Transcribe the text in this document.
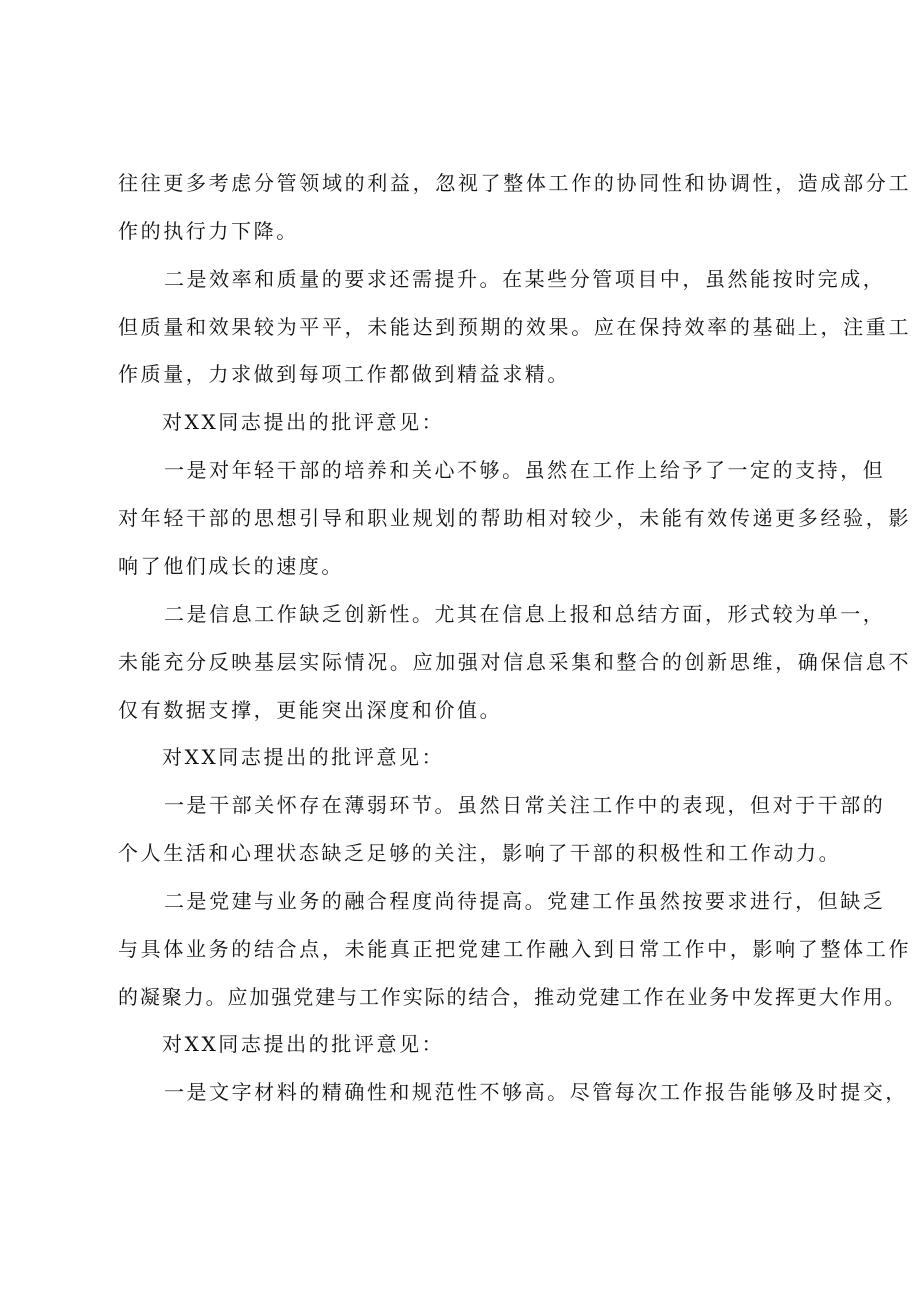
往往更多考虑分管领域的利益，忽视了整体工作的协同性和协调性，造成部分工
作的执行力下降。
二是效率和质量的要求还需提升。在某些分管项目中，虽然能按时完成，
但质量和效果较为平平，未能达到预期的效果。应在保持效率的基础上，注重工
作质量，力求做到每项工作都做到精益求精。
对XX同志提出的批评意见：
一是对年轻干部的培养和关心不够。虽然在工作上给予了一定的支持，但
对年轻干部的思想引导和职业规划的帮助相对较少，未能有效传递更多经验，影
响了他们成长的速度。
二是信息工作缺乏创新性。尤其在信息上报和总结方面，形式较为单一，
未能充分反映基层实际情况。应加强对信息采集和整合的创新思维，确保信息不
仅有数据支撑，更能突出深度和价值。
对XX同志提出的批评意见：
一是干部关怀存在薄弱环节。虽然日常关注工作中的表现，但对于干部的
个人生活和心理状态缺乏足够的关注，影响了干部的积极性和工作动力。
二是党建与业务的融合程度尚待提高。党建工作虽然按要求进行，但缺乏
与具体业务的结合点，未能真正把党建工作融入到日常工作中，影响了整体工作
的凝聚力。应加强党建与工作实际的结合，推动党建工作在业务中发挥更大作用。
对XX同志提出的批评意见：
一是文字材料的精确性和规范性不够高。尽管每次工作报告能够及时提交，
